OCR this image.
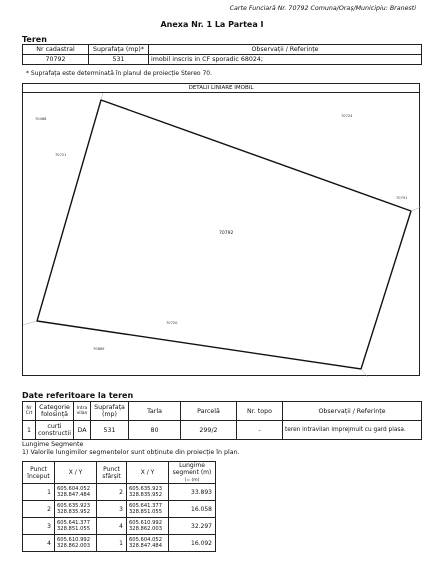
Carte Funciară Nr. 70792 Comuna/Oraș/Municipiu: Branesti
Anexa Nr. 1 La Partea I
Teren
Nr cadastral	Suprafața (mp)*	Observații / Referințe
70792	531	imobil inscris in CF sporadic 68024;
* Suprafața este determinată în planul de proiecție Stereo 70.
DETALII LINIARE IMOBIL
70792
70468
70721
70724
70791
70720
70889
Date referitoare la teren
Nr Crt	Categorie folosință	Intra vilan	Suprafața (mp)	Tarla	Parcelă	Nr. topo	Observații / Referințe
1	curti constructii	DA	531	80	299/2	-	teren intravilan imprejmuit cu gard plasa.
Lungime Segmente
1) Valorile lungimilor segmentelor sunt obținute din proiecție în plan.
Punct început	X / Y	Punct sfârșit	X / Y	Lungime segment (m)
(= (m)
1	605.604.052
328.847.484	2	605.635.923
328.835.952	33.893
2	605.635.923
328.835.952	3	605.641.377
328.851.055	16.058
3	605.641.377
328.851.055	4	605.610.992
328.862.003	32.297
4	605.610.992
328.862.003	1	605.604.052
328.847.484	16.092
